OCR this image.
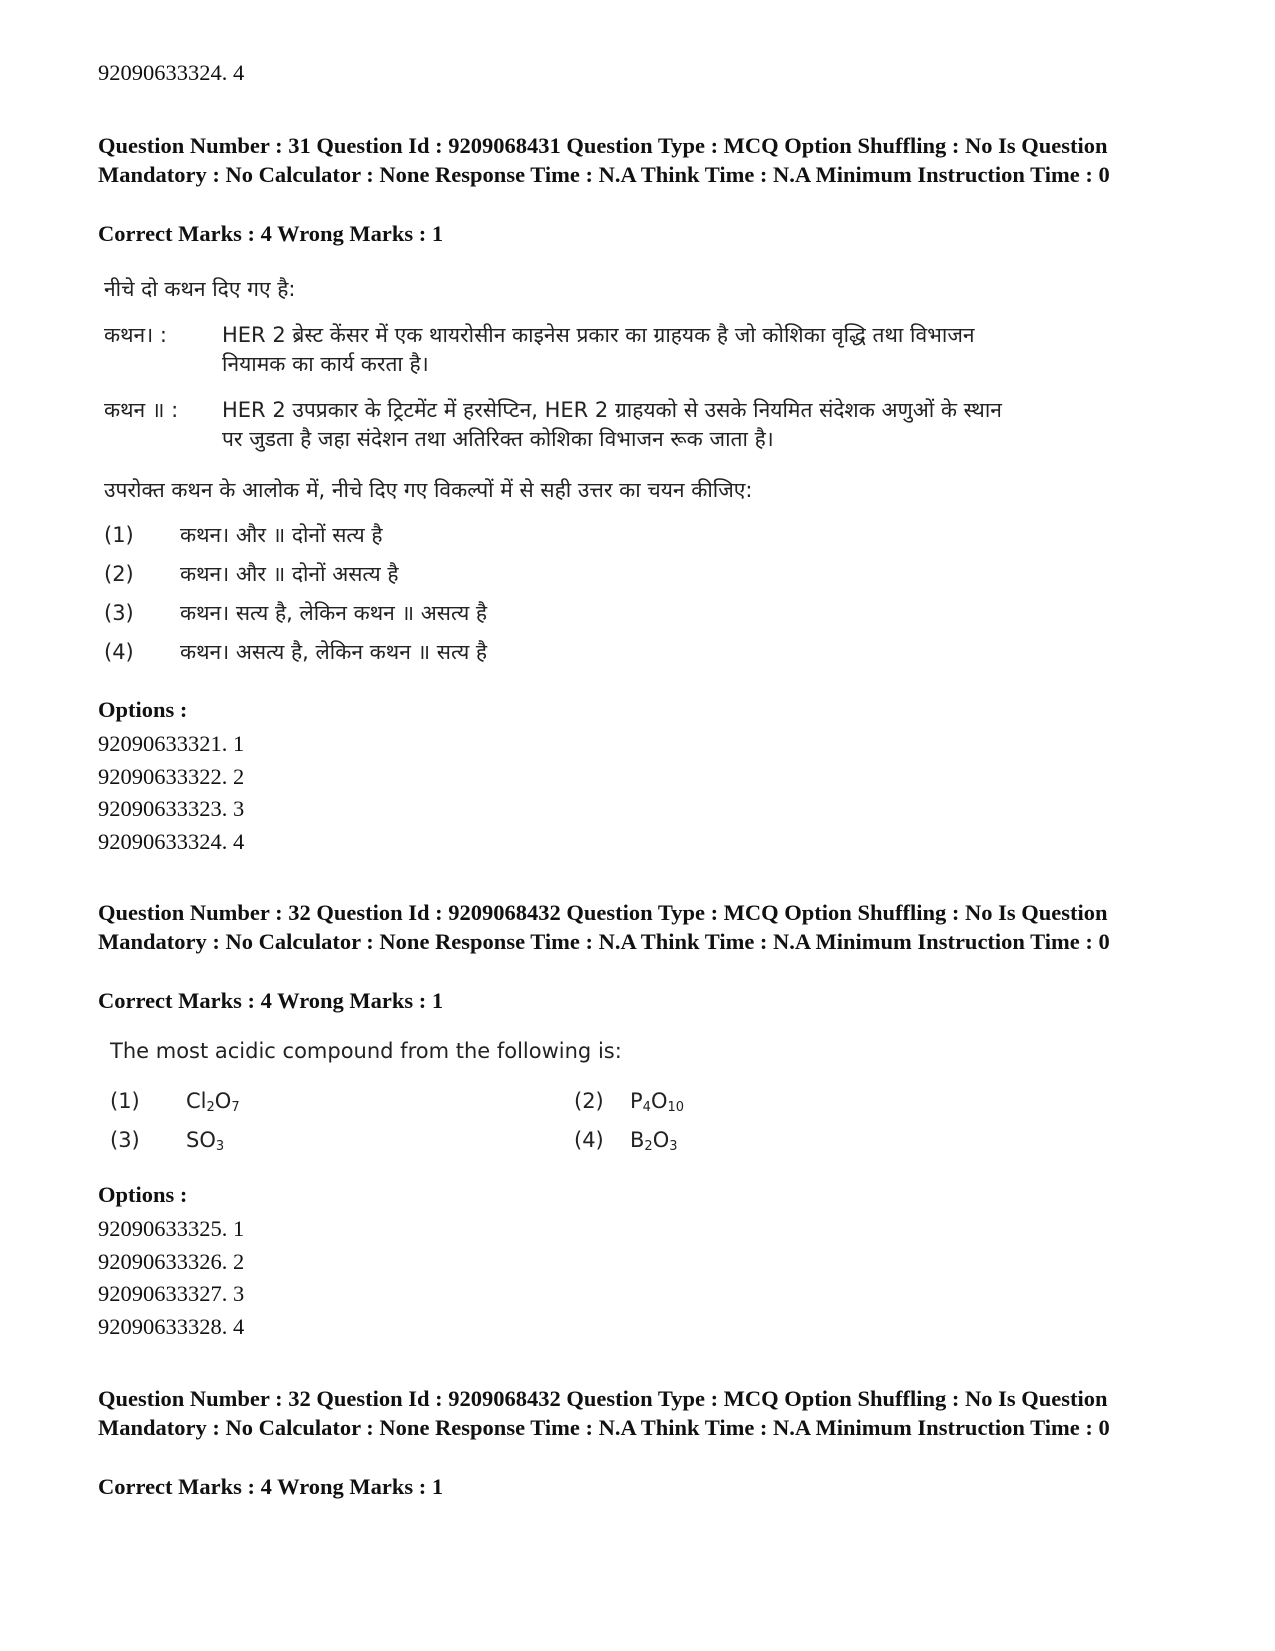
92090633324. 4
Question Number : 31 Question Id : 9209068431 Question Type : MCQ Option Shuffling : No Is Question Mandatory : No Calculator : None Response Time : N.A Think Time : N.A Minimum Instruction Time : 0
Correct Marks : 4 Wrong Marks : 1
नीचे दो कथन दिए गए है:
कथन। :	HER 2 ब्रेस्ट केंसर में एक थायरोसीन काइनेस प्रकार का ग्राहयक है जो कोशिका वृद्धि तथा विभाजन
नियामक का कार्य करता है।
कथन ॥ :	HER 2 उपप्रकार के ट्रिटमेंट में हरसेप्टिन, HER 2 ग्राहयको से उसके नियमित संदेशक अणुओं के स्थान
पर जुडता है जहा संदेशन तथा अतिरिक्त कोशिका विभाजन रूक जाता है।
उपरोक्त कथन के आलोक में, नीचे दिए गए विकल्पों में से सही उत्तर का चयन कीजिए:
(1) कथन। और ॥ दोनों सत्य है
(2) कथन। और ॥ दोनों असत्य है
(3) कथन। सत्य है, लेकिन कथन ॥ असत्य है
(4) कथन। असत्य है, लेकिन कथन ॥ सत्य है
Options :
92090633321. 1
92090633322. 2
92090633323. 3
92090633324. 4
Question Number : 32 Question Id : 9209068432 Question Type : MCQ Option Shuffling : No Is Question Mandatory : No Calculator : None Response Time : N.A Think Time : N.A Minimum Instruction Time : 0
Correct Marks : 4 Wrong Marks : 1
The most acidic compound from the following is:
(1) $Cl_2O_7$	(2) $P_4O_{10}$
(3) $SO_3$	(4) $B_2O_3$
Options :
92090633325. 1
92090633326. 2
92090633327. 3
92090633328. 4
Question Number : 32 Question Id : 9209068432 Question Type : MCQ Option Shuffling : No Is Question Mandatory : No Calculator : None Response Time : N.A Think Time : N.A Minimum Instruction Time : 0
Correct Marks : 4 Wrong Marks : 1
